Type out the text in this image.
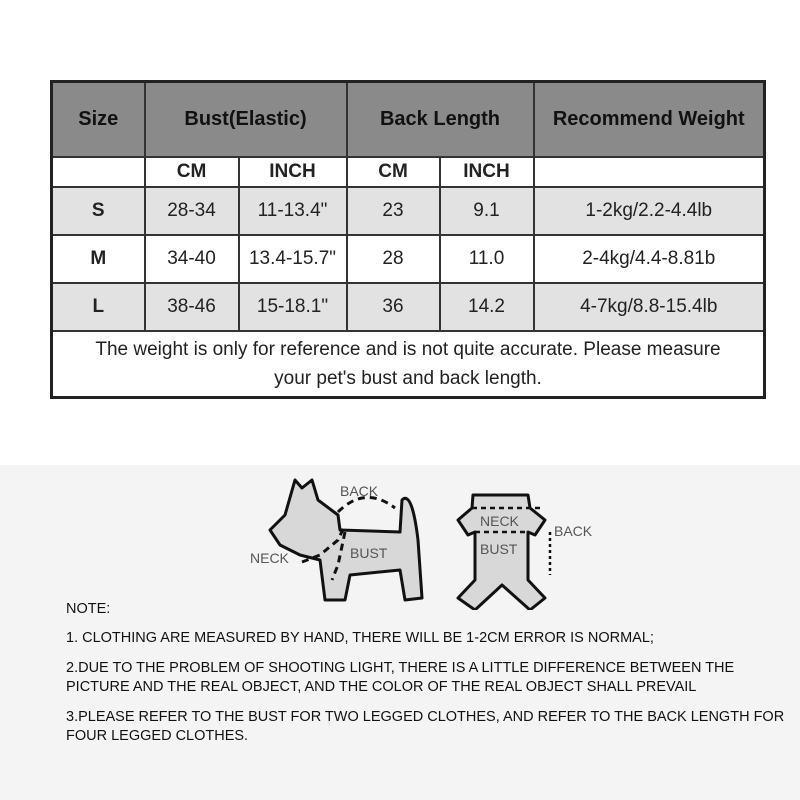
Size	Bust(Elastic)		Back Length		Recommend Weight
	CM	INCH	CM	INCH	
S	28-34	11-13.4"	23	9.1	1-2kg/2.2-4.4lb
M	34-40	13.4-15.7"	28	11.0	2-4kg/4.4-8.81b
L	38-46	15-18.1"	36	14.2	4-7kg/8.8-15.4lb
The weight is only for reference and is not quite accurate. Please measure your pet's bust and back length.					
BACK
NECK	BUST
NECK
BUST
BACK

NOTE:

1. CLOTHING ARE MEASURED BY HAND, THERE WILL BE 1-2CM ERROR IS NORMAL;

2.DUE TO THE PROBLEM OF SHOOTING LIGHT, THERE IS A LITTLE DIFFERENCE BETWEEN THE PICTURE AND THE REAL OBJECT, AND THE COLOR OF THE REAL OBJECT SHALL PREVAIL

3.PLEASE REFER TO THE BUST FOR TWO LEGGED CLOTHES, AND REFER TO THE BACK LENGTH FOR FOUR LEGGED CLOTHES.
